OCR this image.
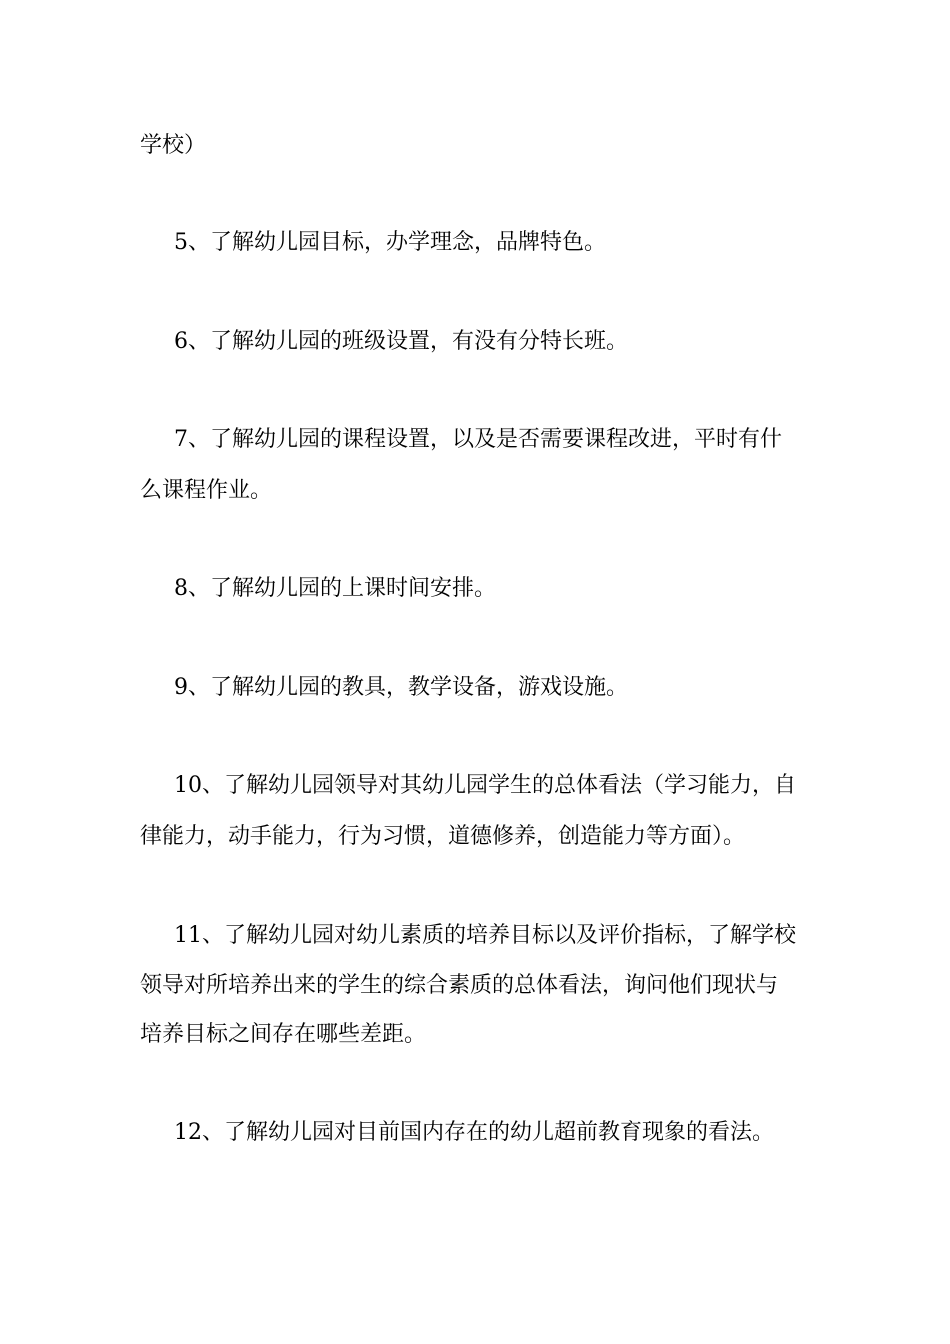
学校）

5、了解幼儿园目标，办学理念，品牌特色。

6、了解幼儿园的班级设置，有没有分特长班。

7、了解幼儿园的课程设置，以及是否需要课程改进，平时有什

么课程作业。

8、了解幼儿园的上课时间安排。

9、了解幼儿园的教具，教学设备，游戏设施。

10、了解幼儿园领导对其幼儿园学生的总体看法（学习能力，自

律能力，动手能力，行为习惯，道德修养，创造能力等方面）。

11、了解幼儿园对幼儿素质的培养目标以及评价指标，了解学校

领导对所培养出来的学生的综合素质的总体看法，询问他们现状与

培养目标之间存在哪些差距。

12、了解幼儿园对目前国内存在的幼儿超前教育现象的看法。
